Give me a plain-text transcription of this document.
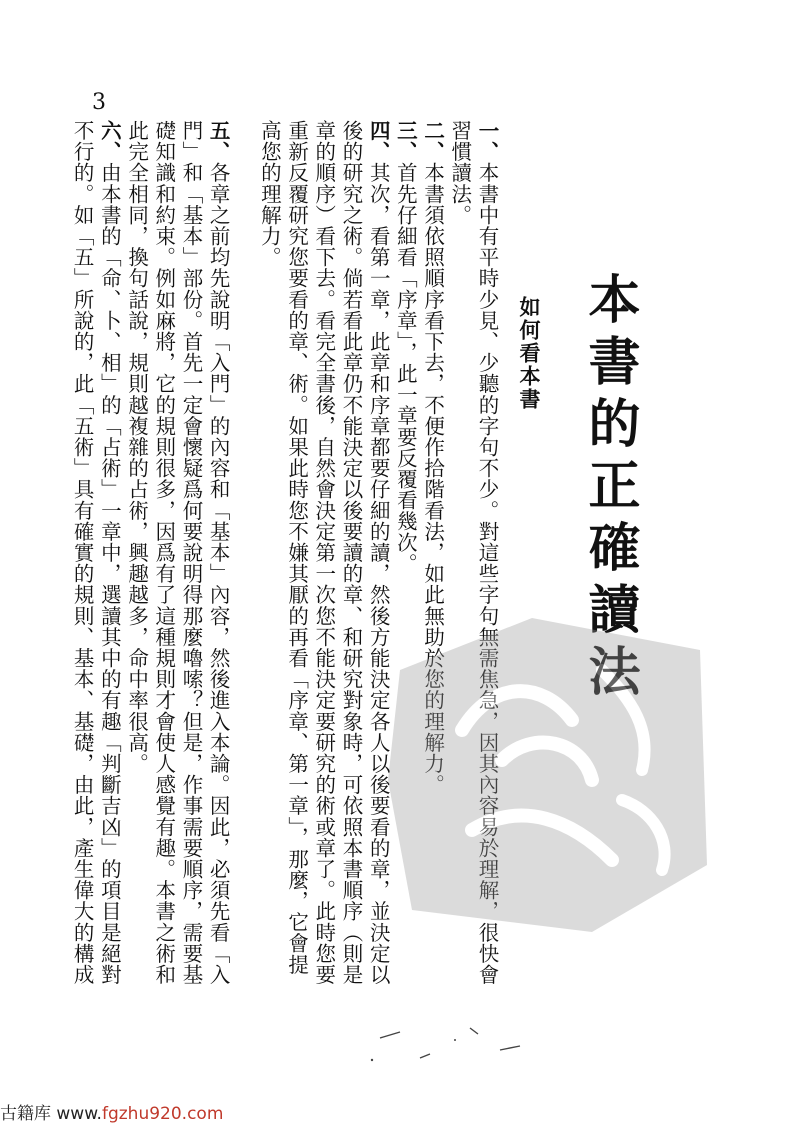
3
本書的正確讀法
如何看本書

一、本書中有平時少見、少聽的字句不少。對這些字句無需焦急，因其內容易於理解，很快會習慣讀法。

二、本書須依照順序看下去，不便作拾階看法，如此無助於您的理解力。

三、首先仔細看「序章」，此一章要反覆看幾次。

四、其次，看第一章，此章和序章都要仔細的讀，然後方能決定各人以後要看的章，並決定以後的研究之術。倘若看此章仍不能決定以後要讀的章、和研究對象時，可依照本書順序（則是章的順序）看下去。看完全書後，自然會決定第一次您不能決定要研究的術或章了。此時您要重新反覆研究您要看的章、術。如果此時您不嫌其厭的再看「序章、第一章」，那麼，它會提高您的理解力。

五、各章之前均先說明「入門」的內容和「基本」內容，然後進入本論。因此，必須先看「入門」和「基本」部份。首先一定會懷疑爲何要說明得那麼嚕嗦？但是，作事需要順序，需要基礎知識和約束。例如麻將，它的規則很多，因爲有了這種規則才會使人感覺有趣。本書之術和此完全相同，換句話說，規則越複雜的占術，興趣越多，命中率很高。

六、由本書的「命、卜、相」的「占術」一章中，選讀其中的有趣「判斷吉凶」的項目是絕對不行的。如「五」所說的，此「五術」具有確實的規則、基本、基礎，由此，產生偉大的構成

古籍库 www.fgzhu920.com
